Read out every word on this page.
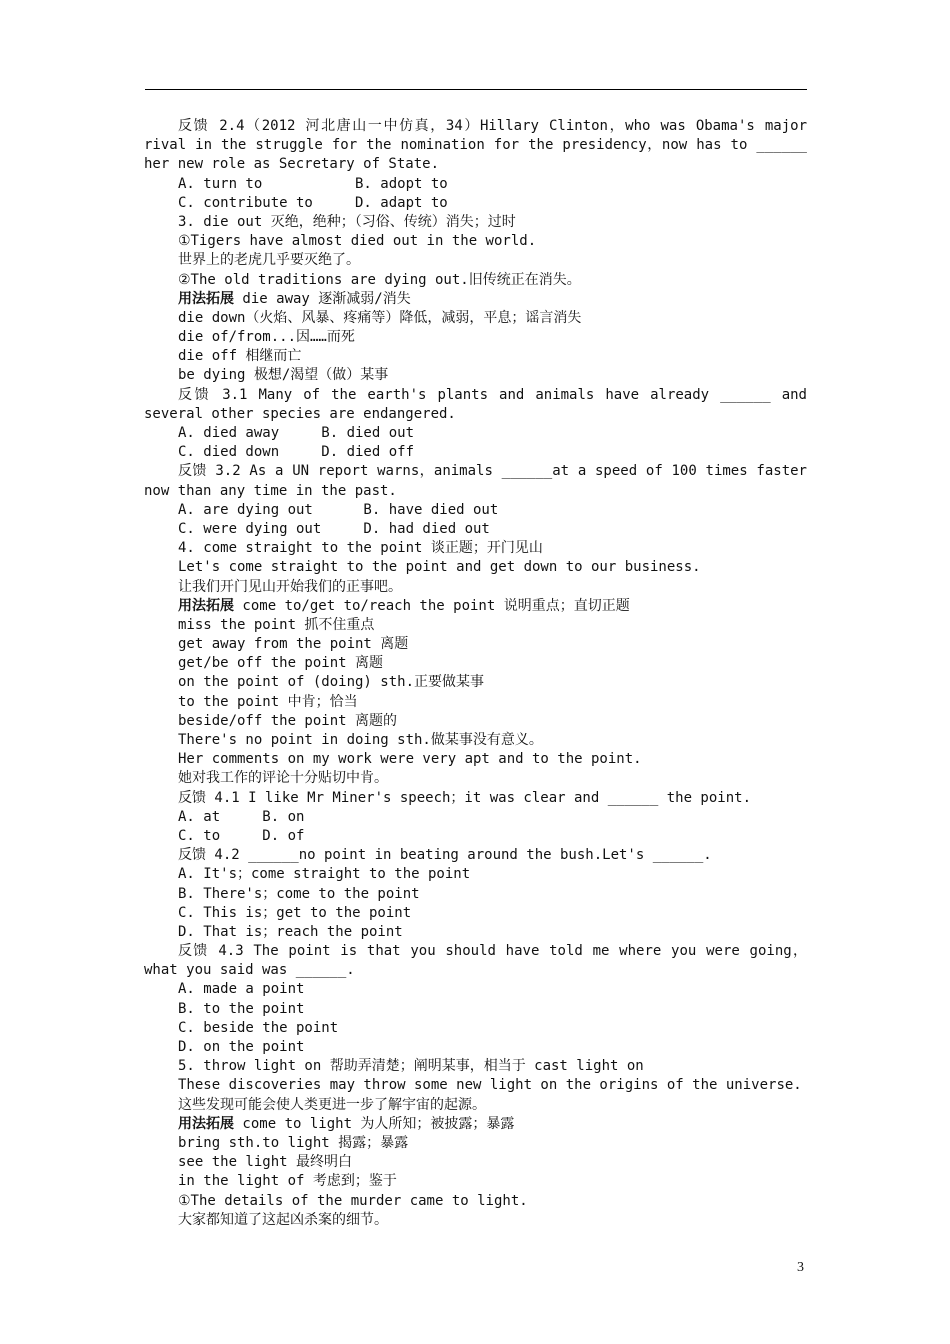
反馈 2.4（2012 河北唐山一中仿真，34）Hillary Clinton，who was Obama's major
rival in the struggle for the nomination for the presidency，now has to ______
her new role as Secretary of State.
A. turn to           B. adopt to
C. contribute to     D. adapt to
3. die out 灭绝，绝种；（习俗、传统）消失；过时
①Tigers have almost died out in the world.
世界上的老虎几乎要灭绝了。
②The old traditions are dying out.旧传统正在消失。
用法拓展 die away 逐渐减弱/消失
die down（火焰、风暴、疼痛等）降低，减弱，平息；谣言消失
die of/from...因……而死
die off 相继而亡
be dying 极想/渴望（做）某事
反馈 3.1 Many of the earth's plants and animals have already ______ and
several other species are endangered.
A. died away     B. died out
C. died down     D. died off
反馈 3.2 As a UN report warns，animals ______at a speed of 100 times faster
now than any time in the past.
A. are dying out      B. have died out
C. were dying out     D. had died out
4. come straight to the point 谈正题；开门见山
Let's come straight to the point and get down to our business.
让我们开门见山开始我们的正事吧。
用法拓展 come to/get to/reach the point 说明重点；直切正题
miss the point 抓不住重点
get away from the point 离题
get/be off the point 离题
on the point of (doing) sth.正要做某事
to the point 中肯；恰当
beside/off the point 离题的
There's no point in doing sth.做某事没有意义。
Her comments on my work were very apt and to the point.
她对我工作的评论十分贴切中肯。
反馈 4.1 I like Mr Miner's speech；it was clear and ______ the point.
A. at     B. on
C. to     D. of
反馈 4.2 ______no point in beating around the bush.Let's ______.
A. It's；come straight to the point
B. There's；come to the point
C. This is；get to the point
D. That is；reach the point
反馈 4.3 The point is that you should have told me where you were going，
what you said was ______.
A. made a point
B. to the point
C. beside the point
D. on the point
5. throw light on 帮助弄清楚；阐明某事，相当于 cast light on
These discoveries may throw some new light on the origins of the universe.
这些发现可能会使人类更进一步了解宇宙的起源。
用法拓展 come to light 为人所知；被披露；暴露
bring sth.to light 揭露；暴露
see the light 最终明白
in the light of 考虑到；鉴于
①The details of the murder came to light.
大家都知道了这起凶杀案的细节。
3
